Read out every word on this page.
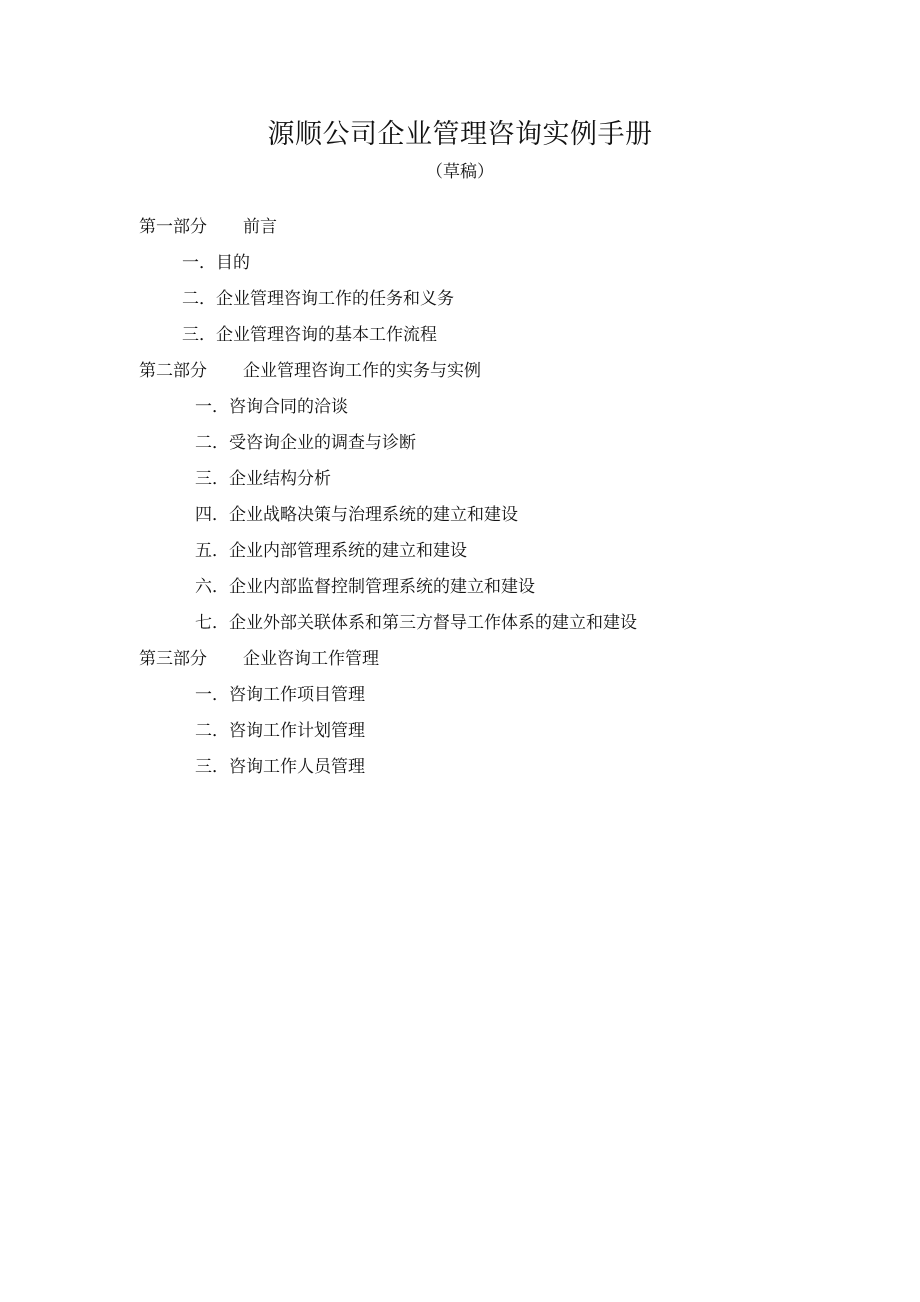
源顺公司企业管理咨询实例手册
（草稿）
第一部分 前言
一．目的
二．企业管理咨询工作的任务和义务
三．企业管理咨询的基本工作流程
第二部分 企业管理咨询工作的实务与实例
一．咨询合同的洽谈
二．受咨询企业的调查与诊断
三．企业结构分析
四．企业战略决策与治理系统的建立和建设
五．企业内部管理系统的建立和建设
六．企业内部监督控制管理系统的建立和建设
七．企业外部关联体系和第三方督导工作体系的建立和建设
第三部分 企业咨询工作管理
一．咨询工作项目管理
二．咨询工作计划管理
三．咨询工作人员管理
